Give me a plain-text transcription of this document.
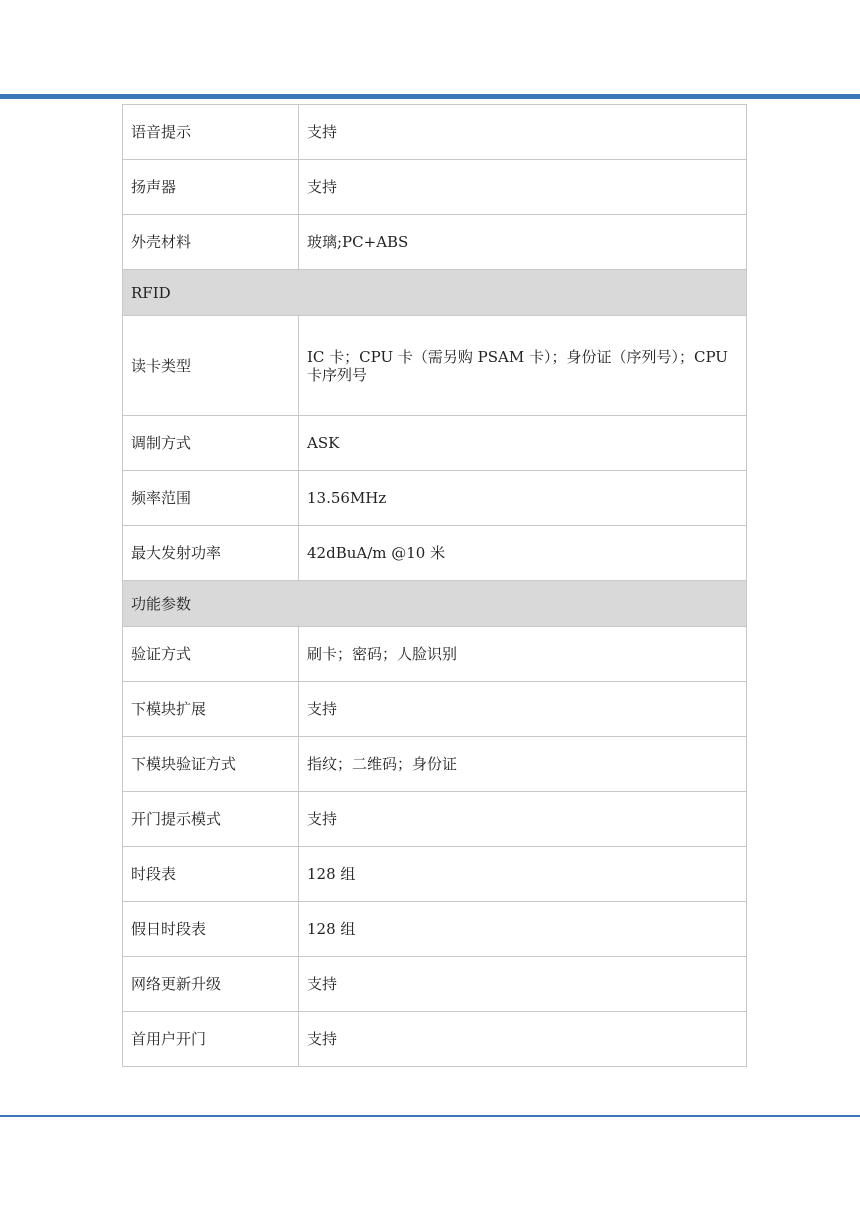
语音提示	支持
扬声器	支持
外壳材料	玻璃;PC+ABS
RFID	
读卡类型	IC 卡；CPU 卡（需另购 PSAM 卡）；身份证（序列号）；CPU 卡序列号
调制方式	ASK
频率范围	13.56MHz
最大发射功率	42dBuA/m @10 米
功能参数	
验证方式	刷卡；密码；人脸识别
下模块扩展	支持
下模块验证方式	指纹；二维码；身份证
开门提示模式	支持
时段表	128 组
假日时段表	128 组
网络更新升级	支持
首用户开门	支持
